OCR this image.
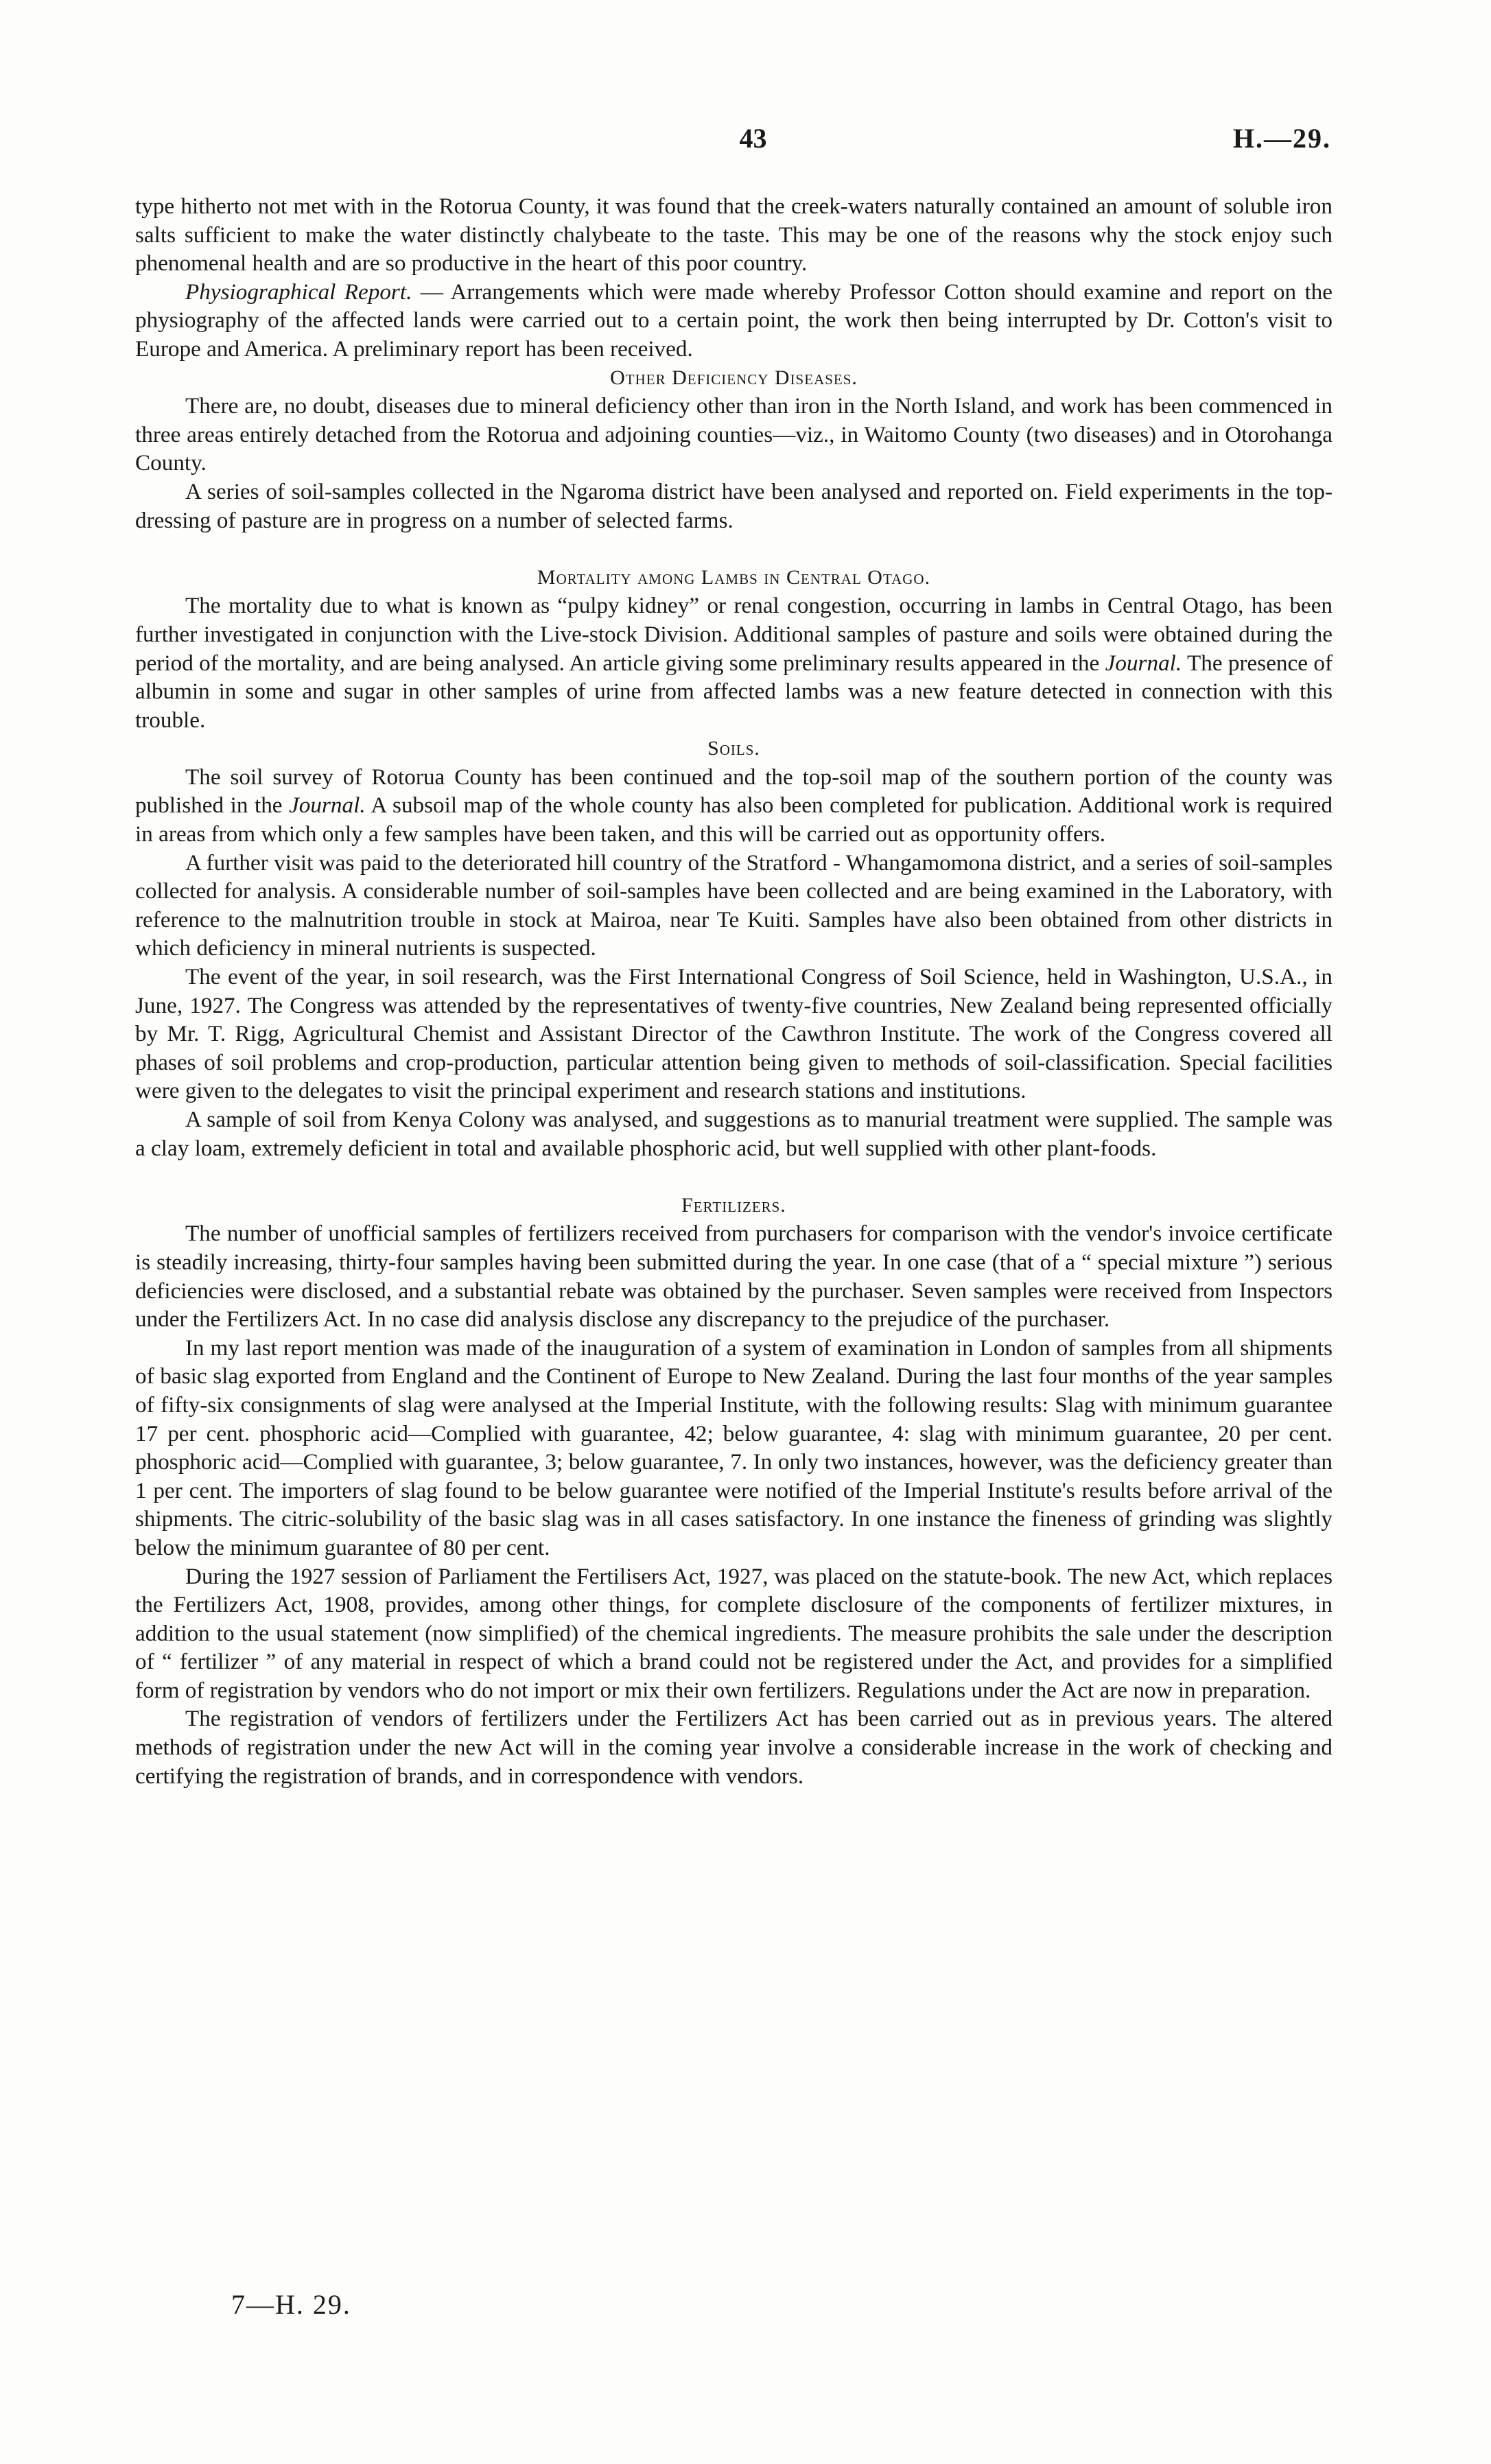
43	H.—29.

type hitherto not met with in the Rotorua County, it was found that the creek-waters naturally contained an amount of soluble iron salts sufficient to make the water distinctly chalybeate to the taste. This may be one of the reasons why the stock enjoy such phenomenal health and are so productive in the heart of this poor country.

Physiographical Report. — Arrangements which were made whereby Professor Cotton should examine and report on the physiography of the affected lands were carried out to a certain point, the work then being interrupted by Dr. Cotton's visit to Europe and America. A preliminary report has been received.

Other Deficiency Diseases.

There are, no doubt, diseases due to mineral deficiency other than iron in the North Island, and work has been commenced in three areas entirely detached from the Rotorua and adjoining counties—viz., in Waitomo County (two diseases) and in Otorohanga County.

A series of soil-samples collected in the Ngaroma district have been analysed and reported on. Field experiments in the top-dressing of pasture are in progress on a number of selected farms.

Mortality among Lambs in Central Otago.

The mortality due to what is known as “pulpy kidney” or renal congestion, occurring in lambs in Central Otago, has been further investigated in conjunction with the Live-stock Division. Additional samples of pasture and soils were obtained during the period of the mortality, and are being analysed. An article giving some preliminary results appeared in the Journal. The presence of albumin in some and sugar in other samples of urine from affected lambs was a new feature detected in connection with this trouble.

Soils.

The soil survey of Rotorua County has been continued and the top-soil map of the southern portion of the county was published in the Journal. A subsoil map of the whole county has also been completed for publication. Additional work is required in areas from which only a few samples have been taken, and this will be carried out as opportunity offers.

A further visit was paid to the deteriorated hill country of the Stratford - Whangamomona district, and a series of soil-samples collected for analysis. A considerable number of soil-samples have been collected and are being examined in the Laboratory, with reference to the malnutrition trouble in stock at Mairoa, near Te Kuiti. Samples have also been obtained from other districts in which deficiency in mineral nutrients is suspected.

The event of the year, in soil research, was the First International Congress of Soil Science, held in Washington, U.S.A., in June, 1927. The Congress was attended by the representatives of twenty-five countries, New Zealand being represented officially by Mr. T. Rigg, Agricultural Chemist and Assistant Director of the Cawthron Institute. The work of the Congress covered all phases of soil problems and crop-production, particular attention being given to methods of soil-classification. Special facilities were given to the delegates to visit the principal experiment and research stations and institutions.

A sample of soil from Kenya Colony was analysed, and suggestions as to manurial treatment were supplied. The sample was a clay loam, extremely deficient in total and available phosphoric acid, but well supplied with other plant-foods.

Fertilizers.

The number of unofficial samples of fertilizers received from purchasers for comparison with the vendor's invoice certificate is steadily increasing, thirty-four samples having been submitted during the year. In one case (that of a “ special mixture ”) serious deficiencies were disclosed, and a substantial rebate was obtained by the purchaser. Seven samples were received from Inspectors under the Fertilizers Act. In no case did analysis disclose any discrepancy to the prejudice of the purchaser.

In my last report mention was made of the inauguration of a system of examination in London of samples from all shipments of basic slag exported from England and the Continent of Europe to New Zealand. During the last four months of the year samples of fifty-six consignments of slag were analysed at the Imperial Institute, with the following results: Slag with minimum guarantee 17 per cent. phosphoric acid—Complied with guarantee, 42; below guarantee, 4: slag with minimum guarantee, 20 per cent. phosphoric acid—Complied with guarantee, 3; below guarantee, 7. In only two instances, however, was the deficiency greater than 1 per cent. The importers of slag found to be below guarantee were notified of the Imperial Institute's results before arrival of the shipments. The citric-solubility of the basic slag was in all cases satisfactory. In one instance the fineness of grinding was slightly below the minimum guarantee of 80 per cent.

During the 1927 session of Parliament the Fertilisers Act, 1927, was placed on the statute-book. The new Act, which replaces the Fertilizers Act, 1908, provides, among other things, for complete disclosure of the components of fertilizer mixtures, in addition to the usual statement (now simplified) of the chemical ingredients. The measure prohibits the sale under the description of “ fertilizer ” of any material in respect of which a brand could not be registered under the Act, and provides for a simplified form of registration by vendors who do not import or mix their own fertilizers. Regulations under the Act are now in preparation.

The registration of vendors of fertilizers under the Fertilizers Act has been carried out as in previous years. The altered methods of registration under the new Act will in the coming year involve a considerable increase in the work of checking and certifying the registration of brands, and in correspondence with vendors.

7—H. 29.
